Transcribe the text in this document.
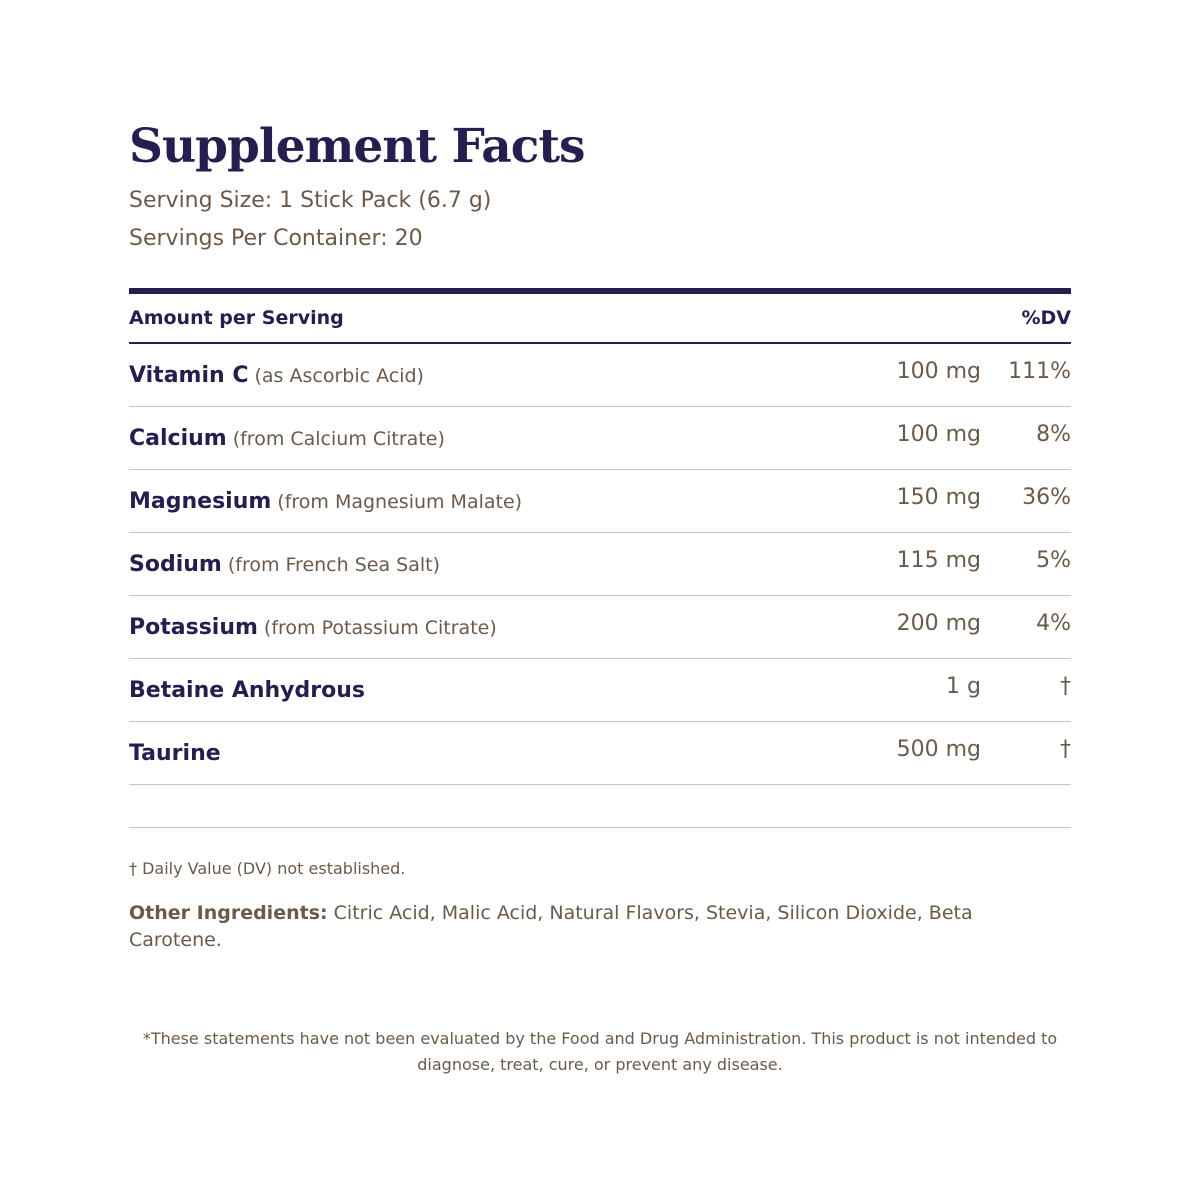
Supplement Facts

Serving Size: 1 Stick Pack (6.7 g)

Servings Per Container: 20

Amount per Serving	%DV
Vitamin C (as Ascorbic Acid)	100 mg	111%
Calcium (from Calcium Citrate)	100 mg	8%
Magnesium (from Magnesium Malate)	150 mg	36%
Sodium (from French Sea Salt)	115 mg	5%
Potassium (from Potassium Citrate)	200 mg	4%
Betaine Anhydrous	1 g	†
Taurine	500 mg	†
† Daily Value (DV) not established.
Other Ingredients: Citric Acid, Malic Acid, Natural Flavors, Stevia, Silicon Dioxide, Beta Carotene.
*These statements have not been evaluated by the Food and Drug Administration. This product is not intended to diagnose, treat, cure, or prevent any disease.
